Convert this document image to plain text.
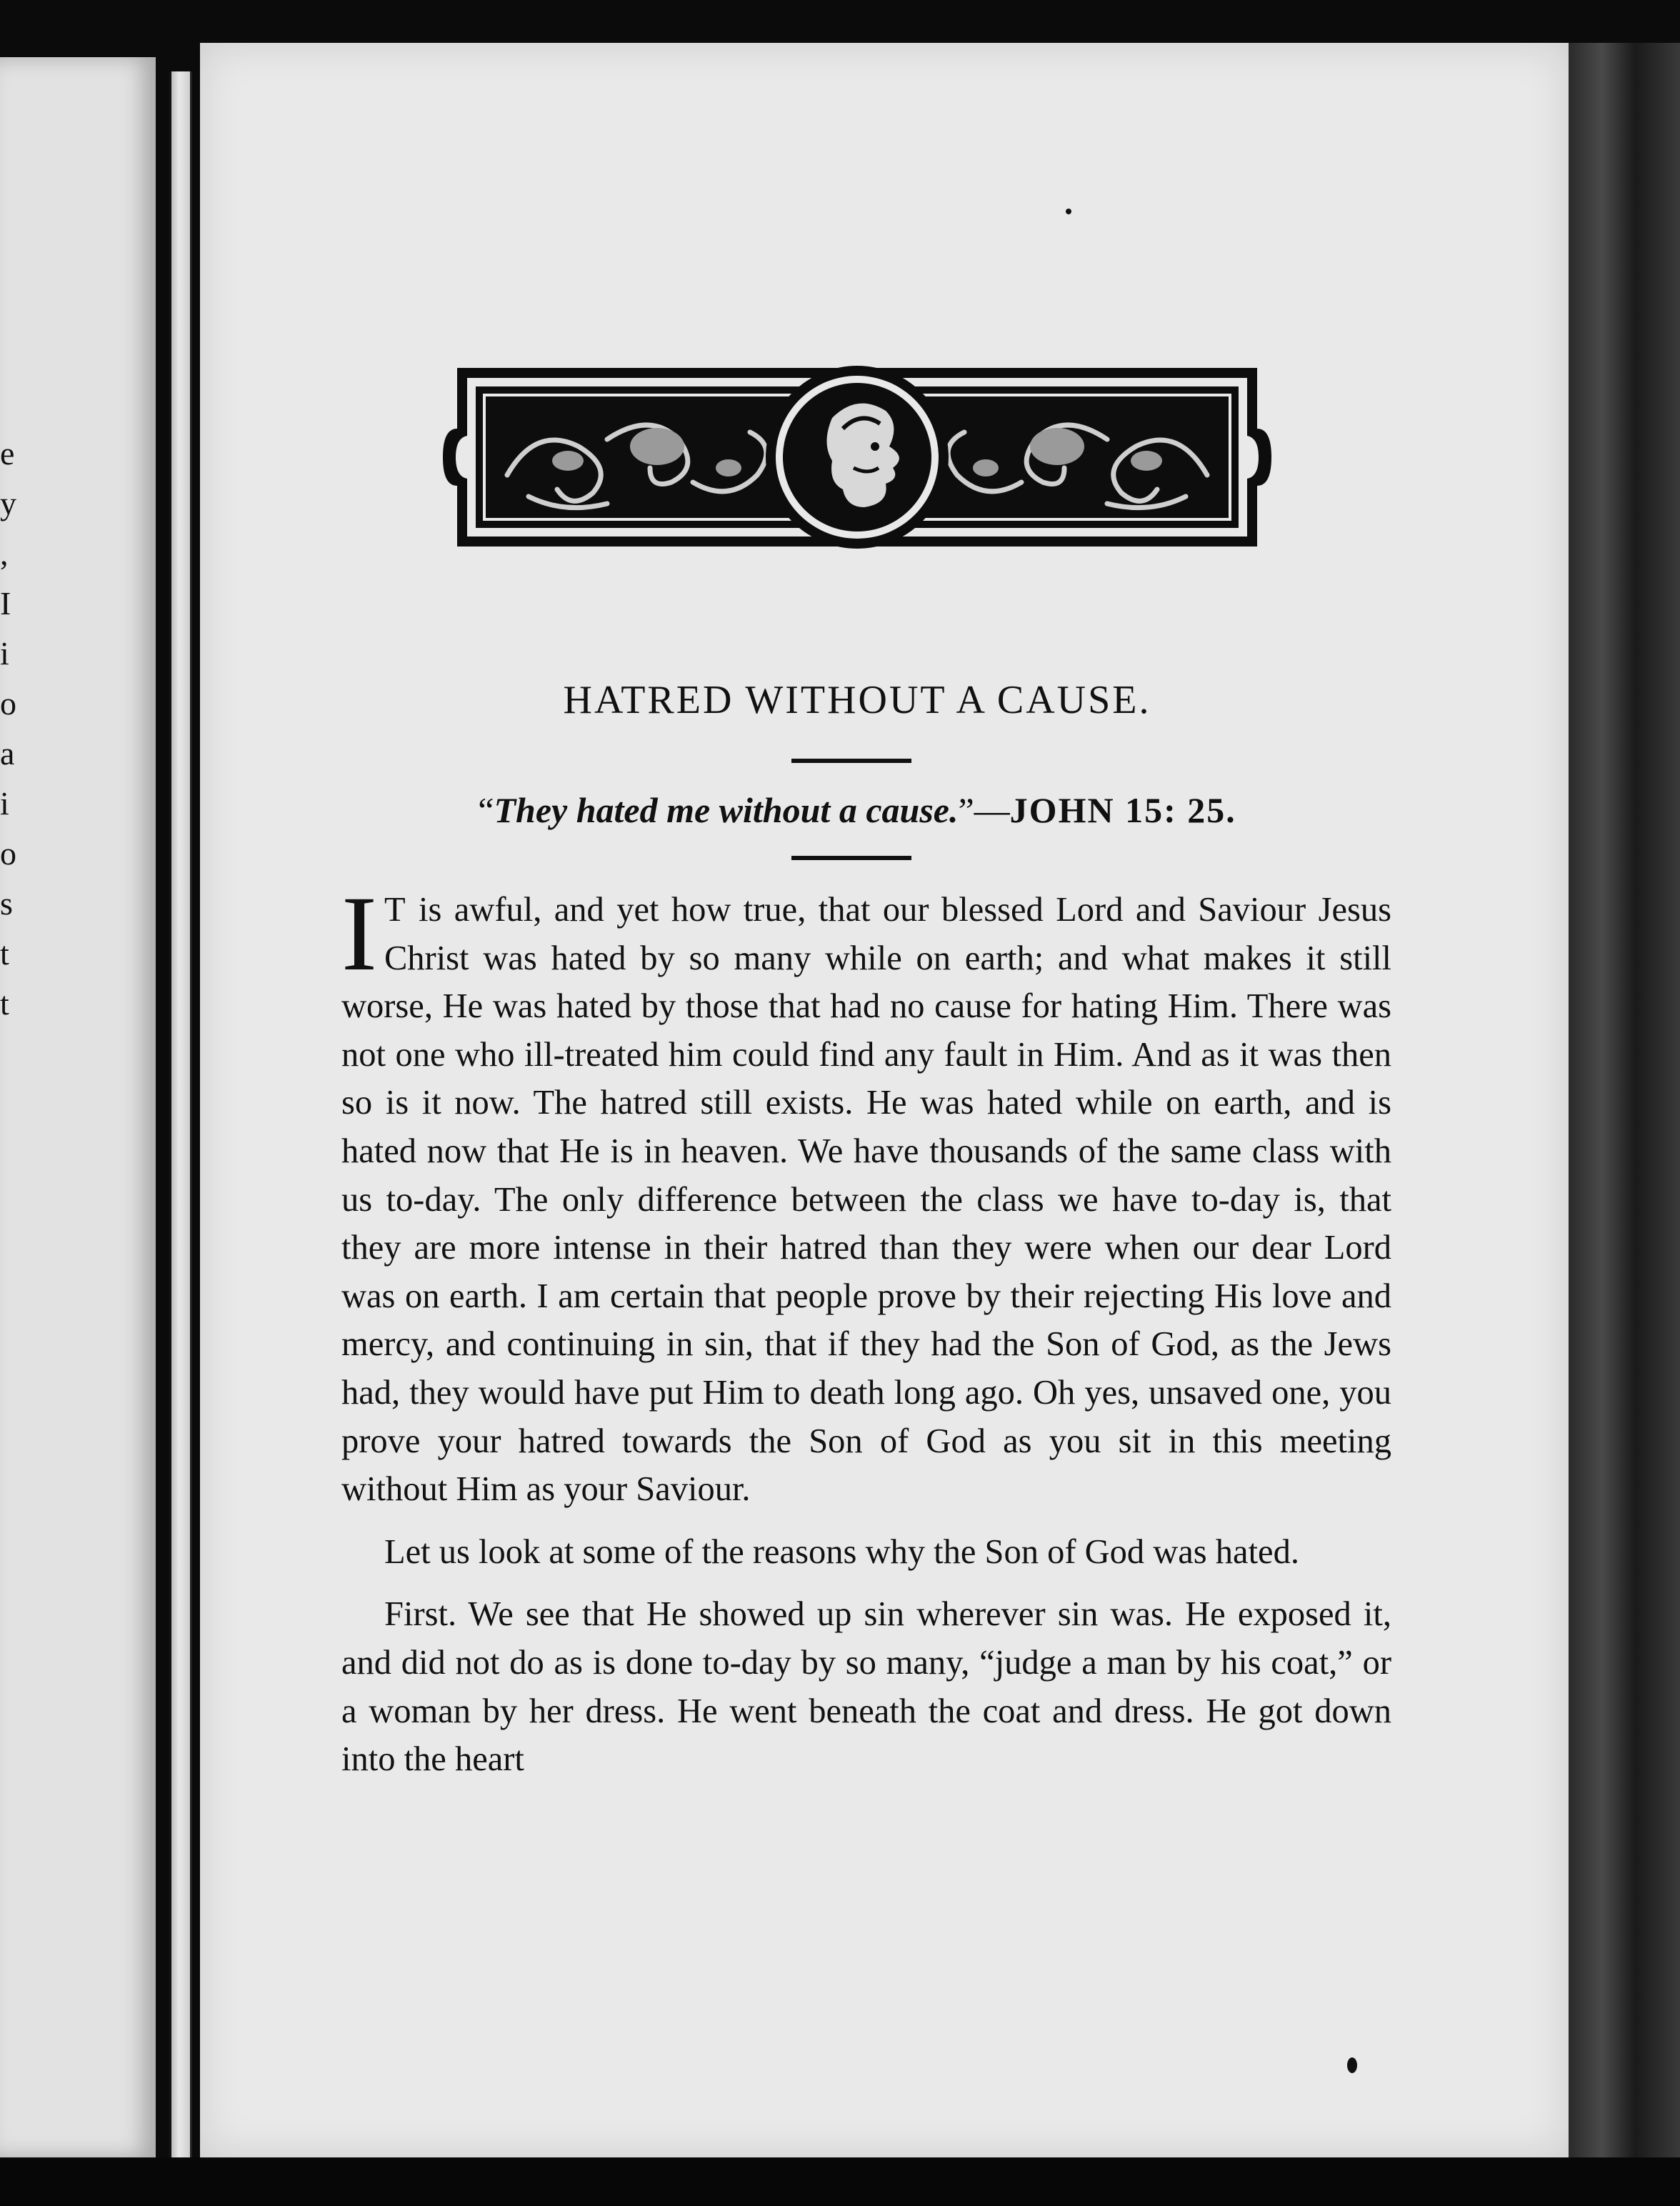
e y , I i o a i o s t t
HATRED WITHOUT A CAUSE.
“They hated me without a cause.”—JOHN 15: 25.

I T is awful, and yet how true, that our blessed Lord and Saviour Jesus Christ was hated by so many while on earth; and what makes it still worse, He was hated by those that had no cause for hating Him. There was not one who ill-treated him could find any fault in Him. And as it was then so is it now. The hatred still exists. He was hated while on earth, and is hated now that He is in heaven. We have thousands of the same class with us to-day. The only difference between the class we have to-day is, that they are more intense in their hatred than they were when our dear Lord was on earth. I am certain that people prove by their rejecting His love and mercy, and continuing in sin, that if they had the Son of God, as the Jews had, they would have put Him to death long ago. Oh yes, unsaved one, you prove your hatred towards the Son of God as you sit in this meeting without Him as your Saviour.

Let us look at some of the reasons why the Son of God was hated.

First. We see that He showed up sin wherever sin was. He exposed it, and did not do as is done to-day by so many, “judge a man by his coat,” or a woman by her dress. He went beneath the coat and dress. He got down into the heart
